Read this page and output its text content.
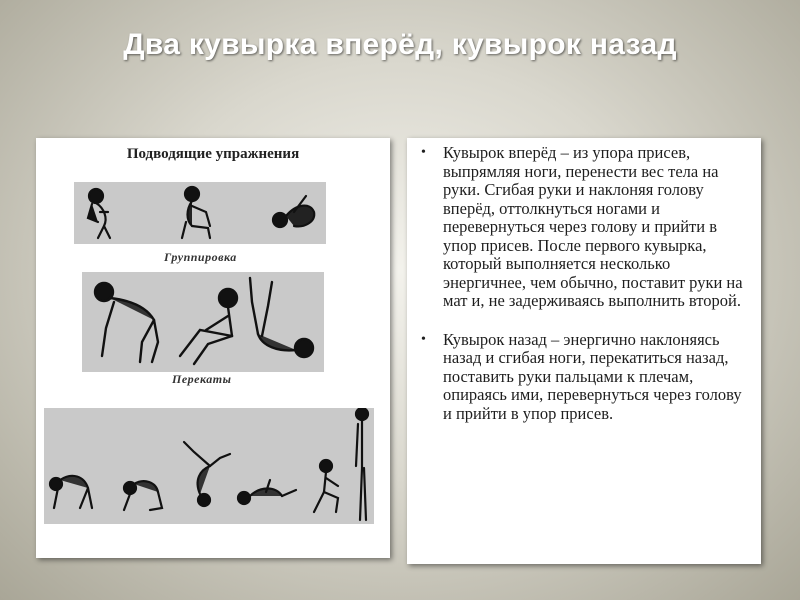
Два кувырка вперёд, кувырок назад
Подводящие упражнения
Группировка
Перекаты
• Кувырок вперёд – из упора присев, выпрямляя ноги, перенести вес тела на руки. Сгибая руки и наклоняя голову вперёд, оттолкнуться ногами и перевернуться через голову и прийти в упор присев. После первого кувырка, который выполняется несколько энергичнее, чем обычно, поставит руки на мат и, не задерживаясь выполнить второй.
• Кувырок назад – энергично наклоняясь назад и сгибая ноги, перекатиться назад, поставить руки пальцами к плечам, опираясь ими, перевернуться через голову и прийти в упор присев.
